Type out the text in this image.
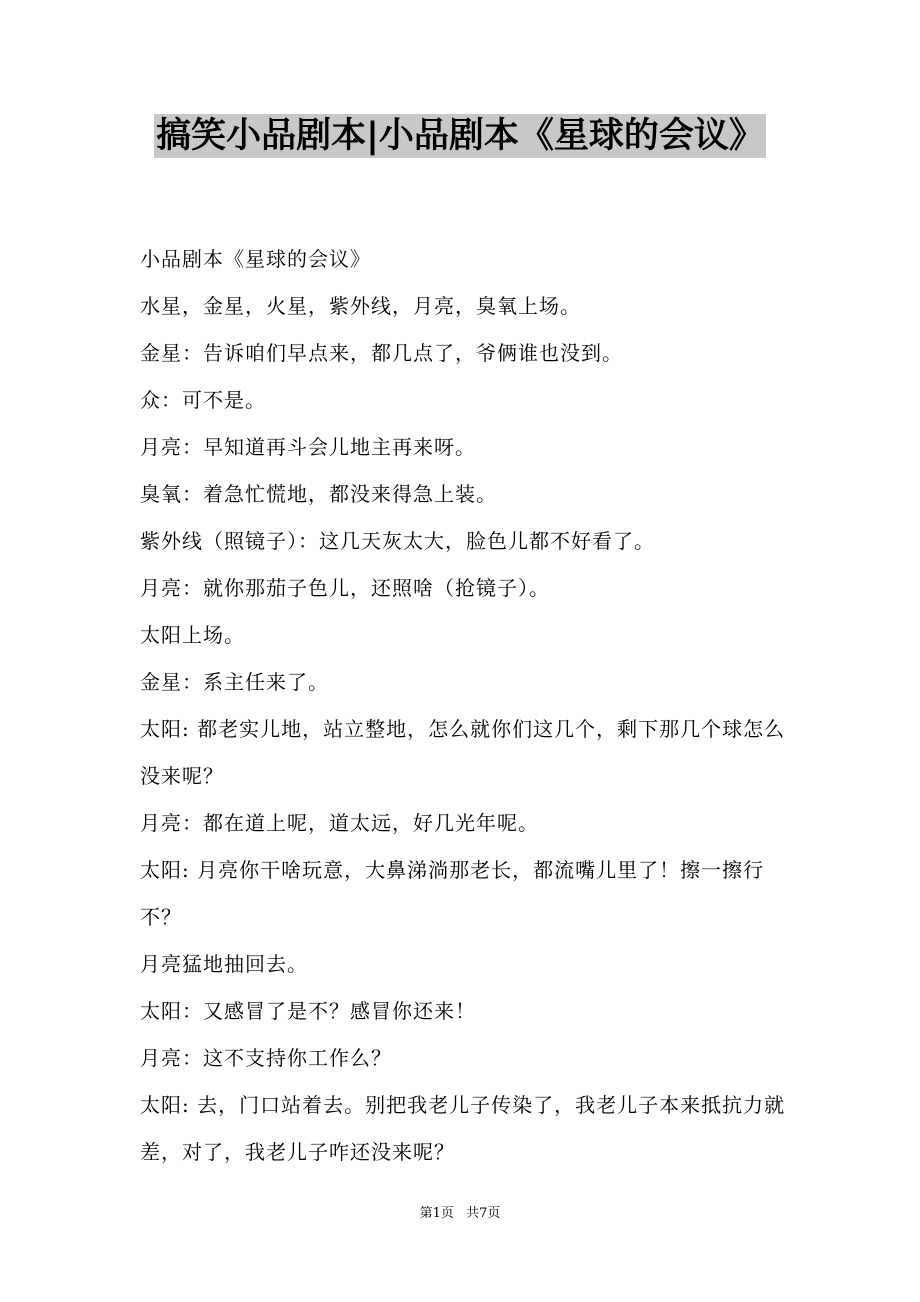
搞笑小品剧本|小品剧本《星球的会议》

小品剧本《星球的会议》

水星，金星，火星，紫外线，月亮，臭氧上场。

金星：告诉咱们早点来，都几点了，爷俩谁也没到。

众：可不是。

月亮：早知道再斗会儿地主再来呀。

臭氧：着急忙慌地，都没来得急上装。

紫外线（照镜子）：这几天灰太大，脸色儿都不好看了。

月亮：就你那茄子色儿，还照啥（抢镜子）。

太阳上场。

金星：系主任来了。

太阳: 都老实儿地，站立整地，怎么就你们这几个，剩下那几个球怎么没来呢？

月亮：都在道上呢，道太远，好几光年呢。

太阳: 月亮你干啥玩意，大鼻涕淌那老长，都流嘴儿里了！擦一擦行不？

月亮猛地抽回去。

太阳：又感冒了是不？感冒你还来！

月亮：这不支持你工作么？

太阳: 去，门口站着去。别把我老儿子传染了，我老儿子本来抵抗力就差，对了，我老儿子咋还没来呢？

第1页 共7页
